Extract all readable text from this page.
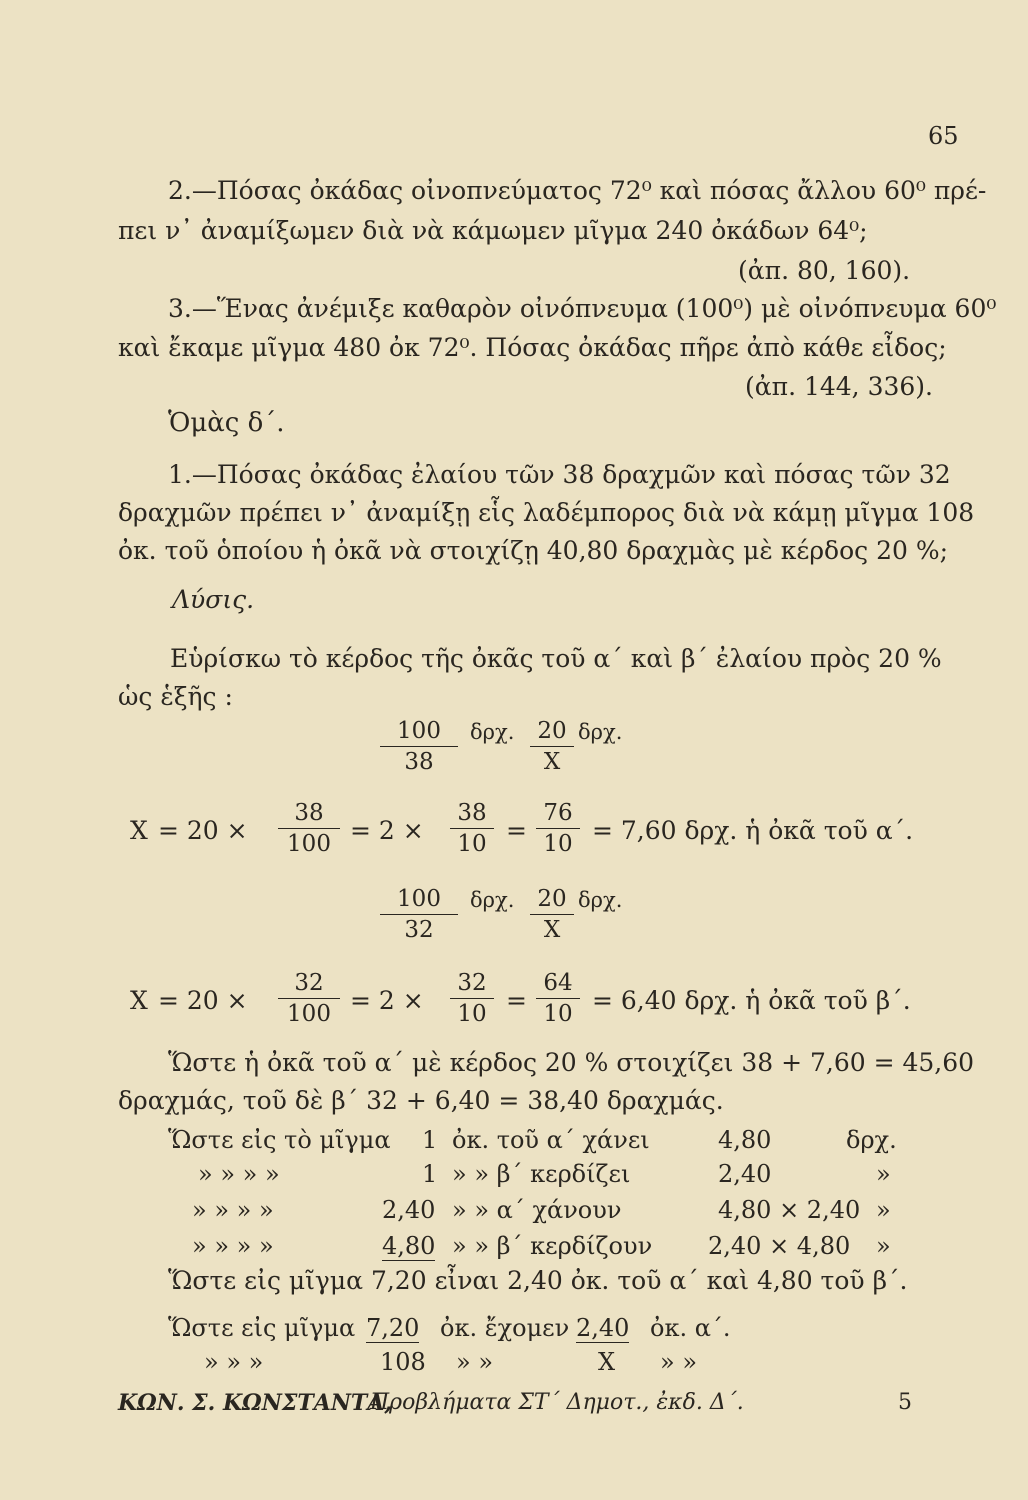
65
2.—Πόσας ὀκάδας οἰνοπνεύματος 72⁰ καὶ πόσας ἄλλου 60⁰ πρέ-
πει ν᾽ ἀναμίξωμεν διὰ νὰ κάμωμεν μῖγμα 240 ὀκάδων 64⁰;
(ἀπ. 80, 160).
3.—Ἕνας ἀνέμιξε καθαρὸν οἰνόπνευμα (100⁰) μὲ οἰνόπνευμα 60⁰
καὶ ἔκαμε μῖγμα 480 ὀκ 72⁰. Πόσας ὀκάδας πῆρε ἀπὸ κάθε εἶδος;
(ἀπ. 144, 336).
Ὁμὰς δ΄.
1.—Πόσας ὀκάδας ἐλαίου τῶν 38 δραχμῶν καὶ πόσας τῶν 32
δραχμῶν πρέπει ν᾽ ἀναμίξῃ εἷς λαδέμπορος διὰ νὰ κάμῃ μῖγμα 108
ὀκ. τοῦ ὁποίου ἡ ὀκᾶ νὰ στοιχίζῃ 40,80 δραχμὰς μὲ κέρδος 20 %;
Λύσις.
Εὑρίσκω τὸ κέρδος τῆς ὀκᾶς τοῦ α΄ καὶ β΄ ἐλαίου πρὸς 20 %
ὡς ἑξῆς :
$\frac{100}{38} \delta\rho\chi$. $\frac{20}{X} \delta\rho\chi$.
$X = 20 \times \frac{38}{100} = 2 \times \frac{38}{10} = \frac{76}{10} = 7,60$ δρχ. ἡ ὀκᾶ τοῦ α΄.
$\frac{100}{32} \delta\rho\chi$. $\frac{20}{X} \delta\rho\chi$.
$X = 20 \times \frac{32}{100} = 2 \times \frac{32}{10} = \frac{64}{10} = 6,40$ δρχ. ἡ ὀκᾶ τοῦ β΄.
Ὥστε ἡ ὀκᾶ τοῦ α΄ μὲ κέρδος 20 % στοιχίζει 38 + 7,60 = 45,60
δραχμάς, τοῦ δὲ β΄ 32 + 6,40 = 38,40 δραχμάς.
Ὥστε εἰς τὸ μῖγμα 1 ὀκ. τοῦ α΄ χάνει	4,80	δρχ.
» » » »	1 » » β΄ κερδίζει	2,40	»
» » » »	2,40 » » α΄ χάνουν	4,80 × 2,40 »
» » » »	4,80 » » β΄ κερδίζουν 2,40 × 4,80 »
Ὥστε εἰς μῖγμα 7,20 εἶναι 2,40 ὀκ. τοῦ α΄ καὶ 4,80 τοῦ β΄.
Ὥστε εἰς μῖγμα 7,20 ὀκ. ἔχομεν 2,40 ὀκ. α΄.
» » »	108 » »	X » »
ΚΩΝ. Σ. ΚΩΝΣΤΑΝΤΑ,
Προβλήματα ΣΤ΄ Δημοτ., ἐκδ. Δ΄.	5
